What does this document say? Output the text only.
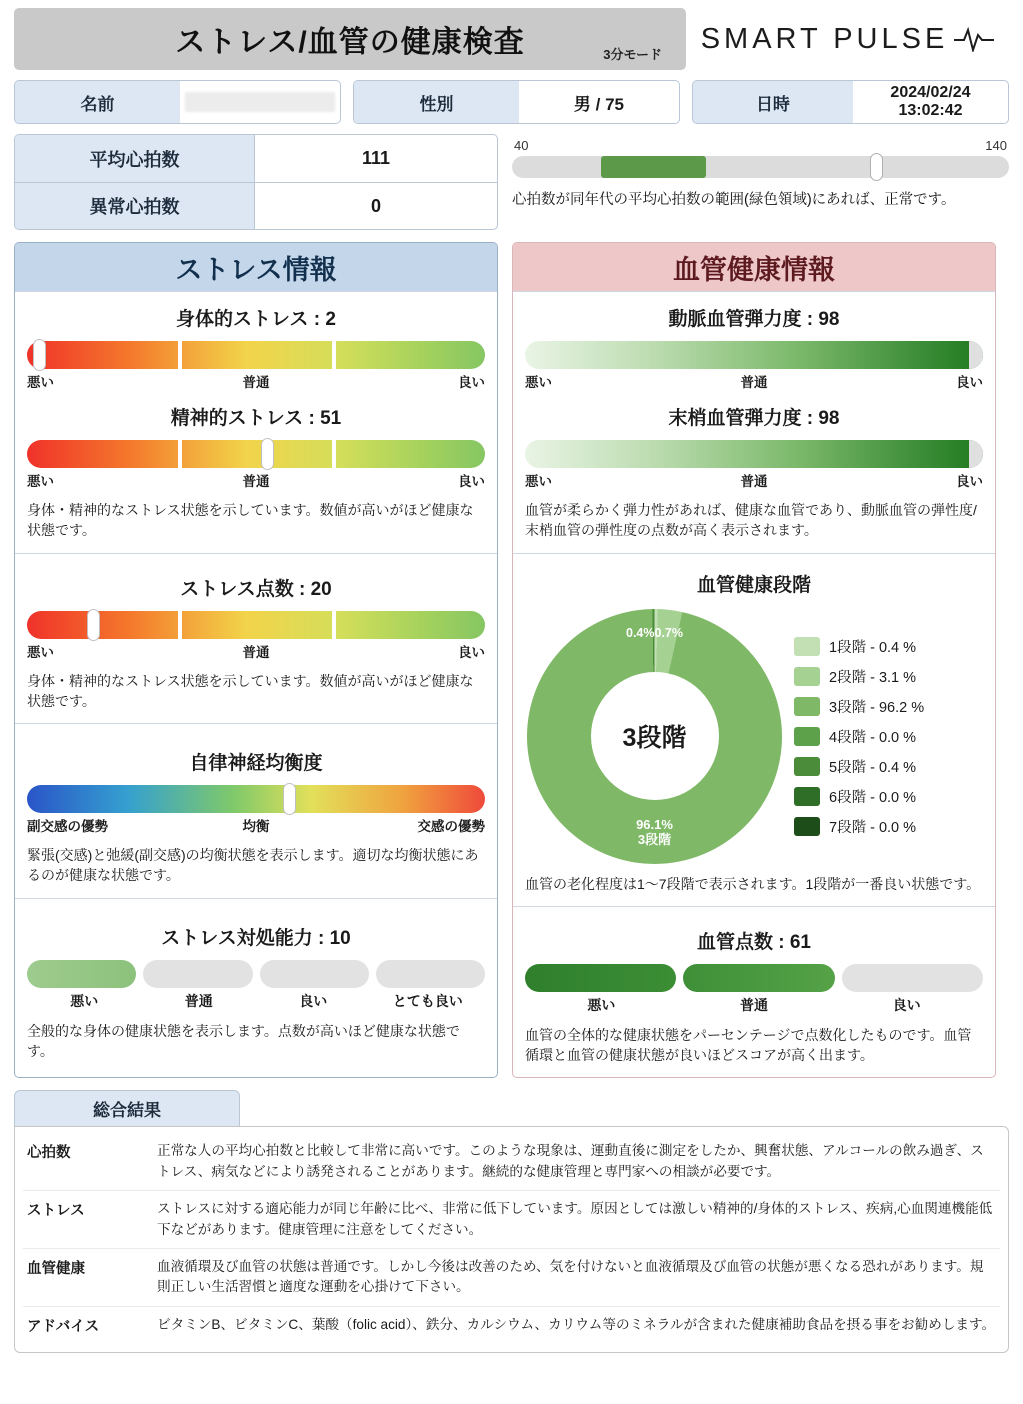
ストレス/血管の健康検査	3分モード SMART PULSE
名前	性別	男 / 75	日時
2024/02/24
13:02:42
平均心拍数	111
異常心拍数	0
40	140
心拍数が同年代の平均心拍数の範囲(緑色領域)にあれば、正常です。
ストレス情報
身体的ストレス : 2
悪い	普通	良い
精神的ストレス : 51
悪い	普通	良い
身体・精神的なストレス状態を示しています。数値が高いがほど健康な状態です。
ストレス点数 : 20
悪い	普通	良い
身体・精神的なストレス状態を示しています。数値が高いがほど健康な状態です。
自律神経均衡度
副交感の優勢	均衡	交感の優勢
緊張(交感)と弛緩(副交感)の均衡状態を表示します。適切な均衡状態にあるのが健康な状態です。
ストレス対処能力 : 10
悪い	普通	良い	とても良い
全般的な身体の健康状態を表示します。点数が高いほど健康な状態です。
血管健康情報
動脈血管弾力度 : 98
悪い	普通	良い
末梢血管弾力度 : 98
悪い	普通	良い
血管が柔らかく弾力性があれば、健康な血管であり、動脈血管の弾性度/末梢血管の弾性度の点数が高く表示されます。
血管健康段階
0.4%0.7%
3段階
96.1%
3段階
1段階 - 0.4 %
2段階 - 3.1 %
3段階 - 96.2 %
4段階 - 0.0 %
5段階 - 0.4 %
6段階 - 0.0 %
7段階 - 0.0 %
血管の老化程度は1～7段階で表示されます。1段階が一番良い状態です。
血管点数 : 61
悪い	普通	良い
血管の全体的な健康状態をパーセンテージで点数化したものです。血管循環と血管の健康状態が良いほどスコアが高く出ます。
総合結果
心拍数	正常な人の平均心拍数と比較して非常に高いです。このような現象は、運動直後に測定をしたか、興奮状態、アルコールの飲み過ぎ、ストレス、病気などにより誘発されることがあります。継続的な健康管理と専門家への相談が必要です。
ストレス	ストレスに対する適応能力が同じ年齢に比べ、非常に低下しています。原因としては激しい精神的/身体的ストレス、疾病,心血関連機能低下などがあります。健康管理に注意をしてください。
血管健康	血液循環及び血管の状態は普通です。しかし今後は改善のため、気を付けないと血液循環及び血管の状態が悪くなる恐れがあります。規則正しい生活習慣と適度な運動を心掛けて下さい。
アドバイス	ビタミンB、ビタミンC、葉酸（folic acid）、鉄分、カルシウム、カリウム等のミネラルが含まれた健康補助食品を摂る事をお勧めします。
